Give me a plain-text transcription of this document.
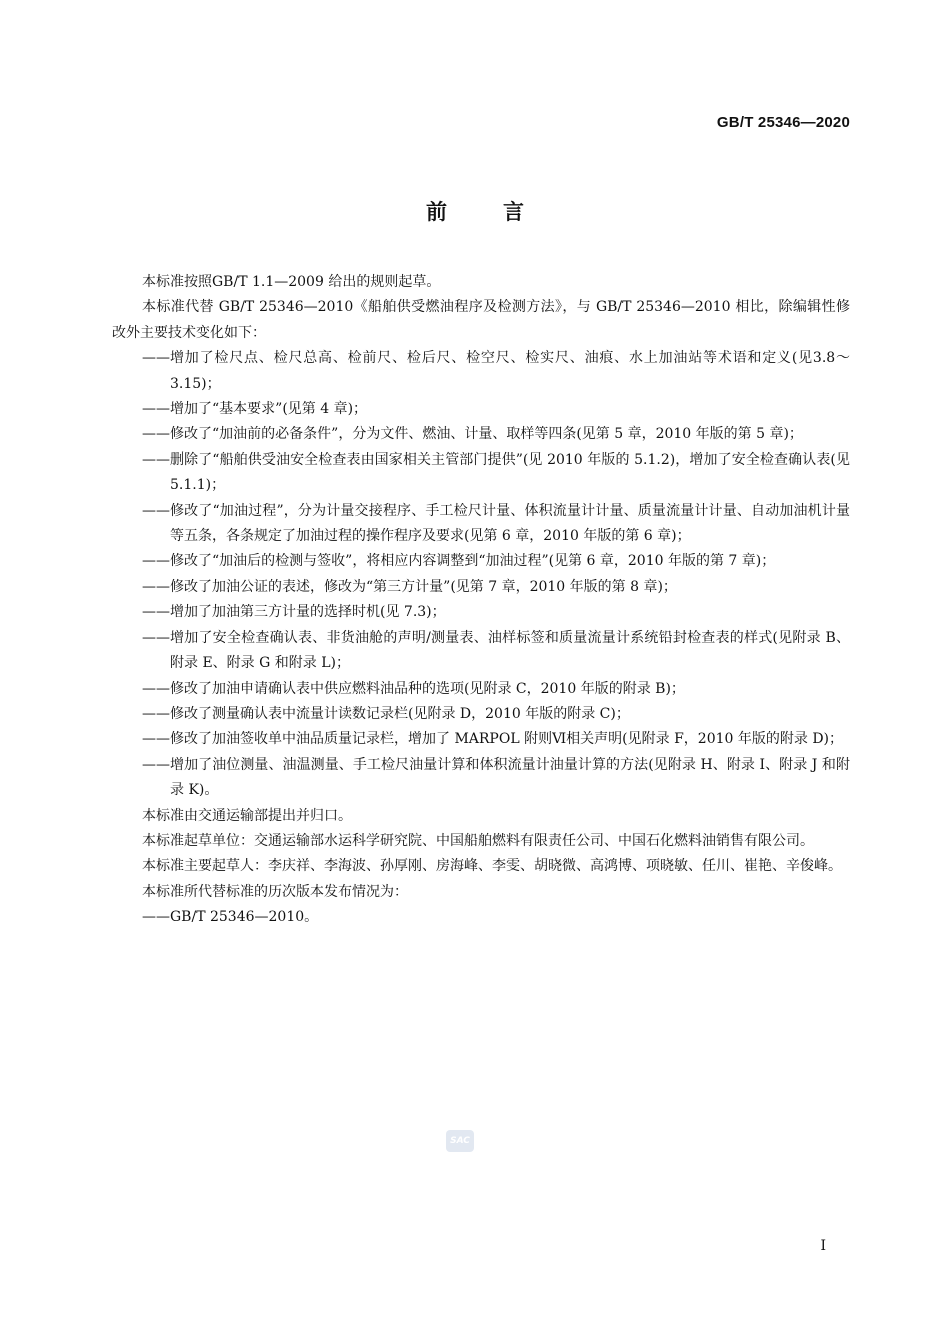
GB/T 25346—2020
前	言

本标准按照GB/T 1.1—2009 给出的规则起草。

本标准代替 GB/T 25346—2010《船舶供受燃油程序及检测方法》，与 GB/T 25346—2010 相比，除编辑性修改外主要技术变化如下：

—— 增加了检尺点、检尺总高、检前尺、检后尺、检空尺、检实尺、油痕、水上加油站等术语和定义(见3.8～3.15)；

—— 增加了“基本要求”(见第 4 章)；

—— 修改了“加油前的必备条件”，分为文件、燃油、计量、取样等四条(见第 5 章，2010 年版的第 5 章)；

—— 删除了“船舶供受油安全检查表由国家相关主管部门提供”(见 2010 年版的 5.1.2)，增加了安全检查确认表(见 5.1.1)；

—— 修改了“加油过程”，分为计量交接程序、手工检尺计量、体积流量计计量、质量流量计计量、自动加油机计量等五条，各条规定了加油过程的操作程序及要求(见第 6 章，2010 年版的第 6 章)；

—— 修改了“加油后的检测与签收”，将相应内容调整到“加油过程”(见第 6 章，2010 年版的第 7 章)；

—— 修改了加油公证的表述，修改为“第三方计量”(见第 7 章，2010 年版的第 8 章)；

—— 增加了加油第三方计量的选择时机(见 7.3)；

—— 增加了安全检查确认表、非货油舱的声明/测量表、油样标签和质量流量计系统铅封检查表的样式(见附录 B、附录 E、附录 G 和附录 L)；

—— 修改了加油申请确认表中供应燃料油品种的选项(见附录 C，2010 年版的附录 B)；

—— 修改了测量确认表中流量计读数记录栏(见附录 D，2010 年版的附录 C)；

—— 修改了加油签收单中油品质量记录栏，增加了 MARPOL 附则Ⅵ相关声明(见附录 F，2010 年版的附录 D)；

—— 增加了油位测量、油温测量、手工检尺油量计算和体积流量计油量计算的方法(见附录 H、附录 I、附录 J 和附录 K)。

本标准由交通运输部提出并归口。

本标准起草单位：交通运输部水运科学研究院、中国船舶燃料有限责任公司、中国石化燃料油销售有限公司。

本标准主要起草人：李庆祥、李海波、孙厚刚、房海峰、李雯、胡晓微、高鸿博、项晓敏、任川、崔艳、辛俊峰。

本标准所代替标准的历次版本发布情况为：

—— GB/T 25346—2010。

SAC
I
